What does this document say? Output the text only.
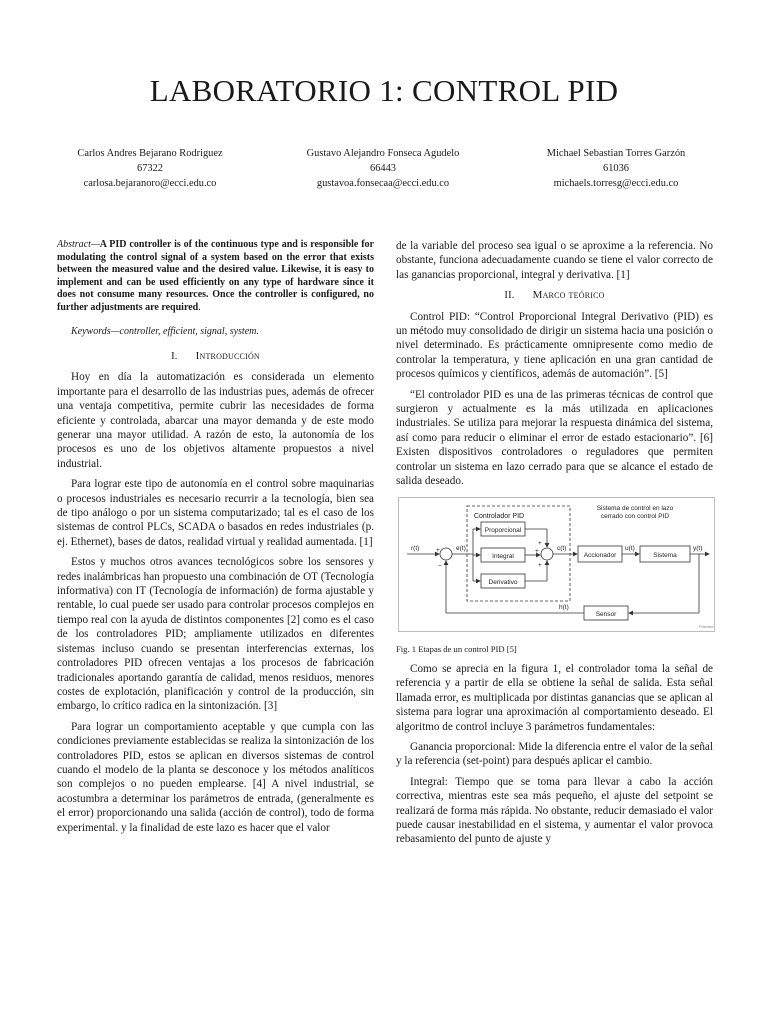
LABORATORIO 1: CONTROL PID
Carlos Andres Bejarano Rodriguez
67322
carlosa.bejaranoro@ecci.edu.co
Gustavo Alejandro Fonseca Agudelo
66443
gustavoa.fonsecaa@ecci.edu.co
Michael Sebastian Torres Garzón
61036
michaels.torresg@ecci.edu.co

Abstract—A PID controller is of the continuous type and is responsible for modulating the control signal of a system based on the error that exists between the measured value and the desired value. Likewise, it is easy to implement and can be used efficiently on any type of hardware since it does not consume many resources. Once the controller is configured, no further adjustments are required.

Keywords—controller, efficient, signal, system.

I. Introducción

Hoy en día la automatización es considerada un elemento importante para el desarrollo de las industrias pues, además de ofrecer una ventaja competitiva, permite cubrir las necesidades de forma eficiente y controlada, abarcar una mayor demanda y de este modo generar una mayor utilidad. A razón de esto, la autonomía de los procesos es uno de los objetivos altamente propuestos a nivel industrial.

Para lograr este tipo de autonomía en el control sobre maquinarias o procesos industriales es necesario recurrir a la tecnología, bien sea de tipo análogo o por un sistema computarizado; tal es el caso de los sistemas de control PLCs, SCADA o basados en redes industriales (p. ej. Ethernet), bases de datos, realidad virtual y realidad aumentada. [1]

Estos y muchos otros avances tecnológicos sobre los sensores y redes inalámbricas han propuesto una combinación de OT (Tecnología informativa) con IT (Tecnología de información) de forma ajustable y rentable, lo cual puede ser usado para controlar procesos complejos en tiempo real con la ayuda de distintos componentes [2] como es el caso de los controladores PID; ampliamente utilizados en diferentes sistemas incluso cuando se presentan interferencias externas, los controladores PID ofrecen ventajas a los procesos de fabricación tradicionales aportando garantía de calidad, menos residuos, menores costes de explotación, planificación y control de la producción, sin embargo, lo crítico radica en la sintonización. [3]

Para lograr un comportamiento aceptable y que cumpla con las condiciones previamente establecidas se realiza la sintonización de los controladores PID, estos se aplican en diversos sistemas de control cuando el modelo de la planta se desconoce y los métodos analíticos son complejos o no pueden emplearse. [4] A nivel industrial, se acostumbra a determinar los parámetros de entrada, (generalmente es el error) proporcionando una salida (acción de control), todo de forma experimental. y la finalidad de este lazo es hacer que el valor

de la variable del proceso sea igual o se aproxime a la referencia. No obstante, funciona adecuadamente cuando se tiene el valor correcto de las ganancias proporcional, integral y derivativa. [1]

II. Marco teórico

Control PID: “Control Proporcional Integral Derivativo (PID) es un método muy consolidado de dirigir un sistema hacia una posición o nivel determinado. Es prácticamente omnipresente como medio de controlar la temperatura, y tiene aplicación en una gran cantidad de procesos químicos y científicos, además de automación”. [5]

“El controlador PID es una de las primeras técnicas de control que surgieron y actualmente es la más utilizada en aplicaciones industriales. Se utiliza para mejorar la respuesta dinámica del sistema, así como para reducir o eliminar el error de estado estacionario”. [6] Existen dispositivos controladores o reguladores que permiten controlar un sistema en lazo cerrado para que se alcance el estado de salida deseado.

Controlador PID
Proporcional
Integral
Derivativo
Accionador	Sistema
Sensor
Sistema de control en lazo
cerrado con control PID
r(t)	e(t)	c(t)	u(t)	y(t)
h(t)
+
−
+
+
+
Pdexiton

Fig. 1 Etapas de un control PID [5]

Como se aprecia en la figura 1, el controlador toma la señal de referencia y a partir de ella se obtiene la señal de salida. Esta señal llamada error, es multiplicada por distintas ganancias que se aplican al sistema para lograr una aproximación al comportamiento deseado. El algoritmo de control incluye 3 parámetros fundamentales:

Ganancia proporcional: Mide la diferencia entre el valor de la señal y la referencia (set-point) para después aplicar el cambio.

Integral: Tiempo que se toma para llevar a cabo la acción correctiva, mientras este sea más pequeño, el ajuste del setpoint se realizará de forma más rápida. No obstante, reducir demasiado el valor puede causar inestabilidad en el sistema, y aumentar el valor provoca rebasamiento del punto de ajuste y
